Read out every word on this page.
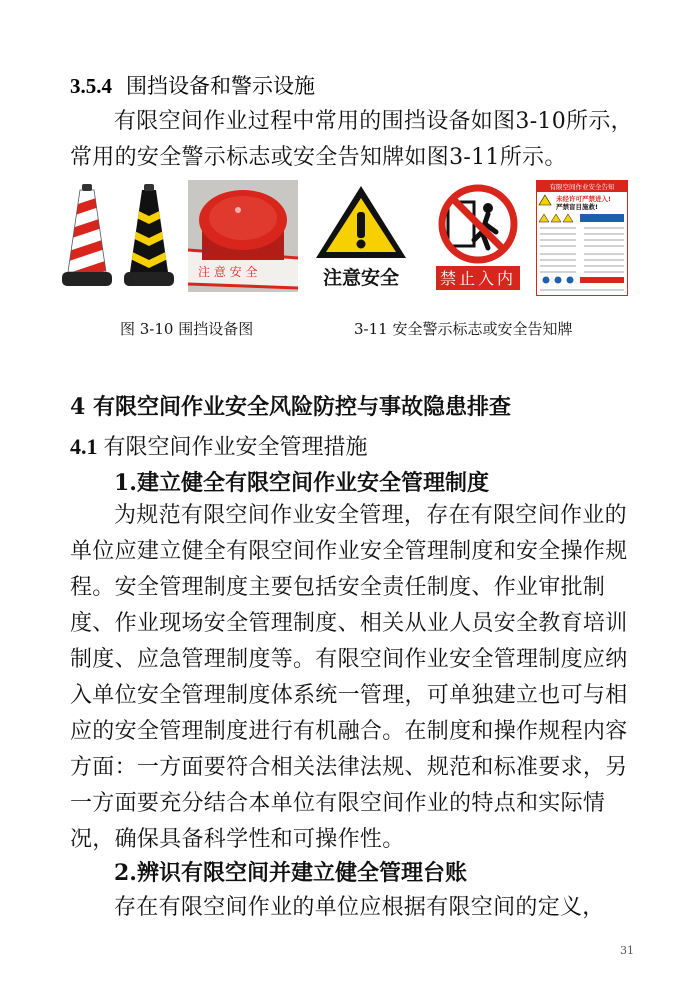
3.5.4 围挡设备和警示设施
有限空间作业过程中常用的围挡设备如图3-10所示，常用的安全警示标志或安全告知牌如图3-11所示。
注 意 安 全	注意安全	禁止入内
有限空间作业安全告知
未经许可严禁进入!
严禁盲目施救!
图 3-10 围挡设备图	3-11 安全警示标志或安全告知牌
4 有限空间作业安全风险防控与事故隐患排查
4.1 有限空间作业安全管理措施
1.建立健全有限空间作业安全管理制度
为规范有限空间作业安全管理，存在有限空间作业的单位应建立健全有限空间作业安全管理制度和安全操作规程。安全管理制度主要包括安全责任制度、作业审批制度、作业现场安全管理制度、相关从业人员安全教育培训制度、应急管理制度等。有限空间作业安全管理制度应纳入单位安全管理制度体系统一管理，可单独建立也可与相应的安全管理制度进行有机融合。在制度和操作规程内容方面：一方面要符合相关法律法规、规范和标准要求，另一方面要充分结合本单位有限空间作业的特点和实际情况，确保具备科学性和可操作性。
2.辨识有限空间并建立健全管理台账
存在有限空间作业的单位应根据有限空间的定义，
31
